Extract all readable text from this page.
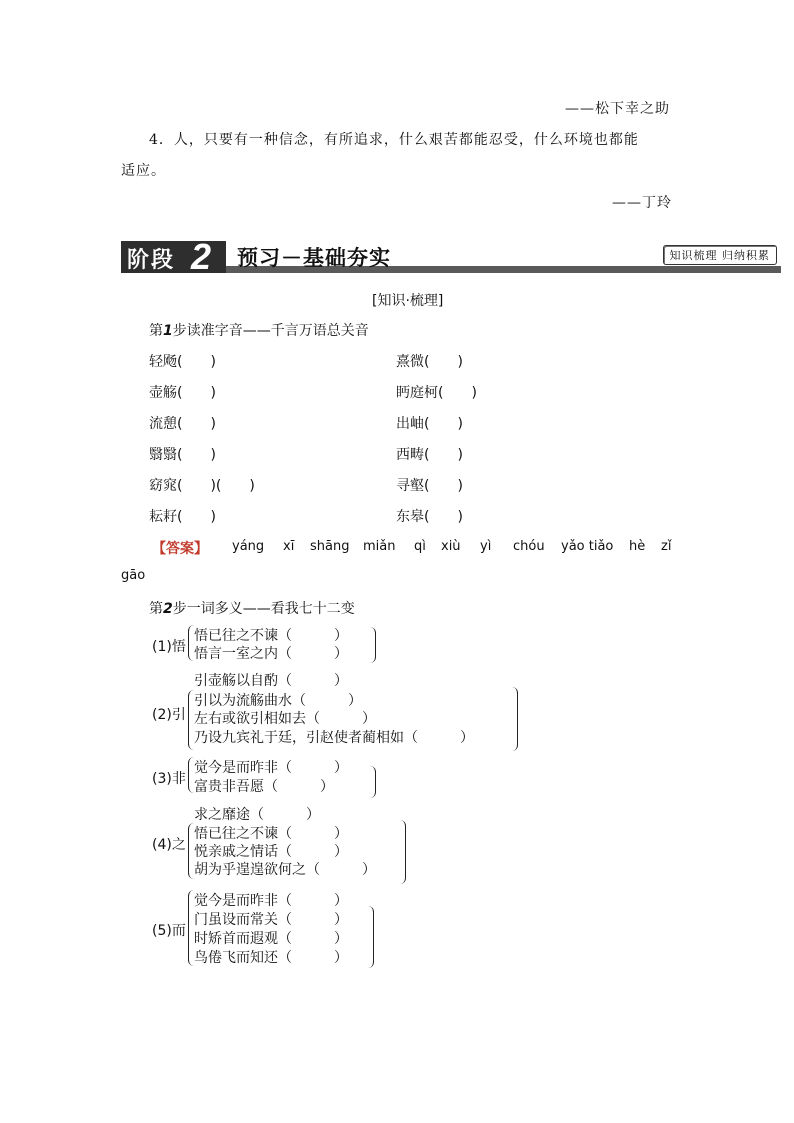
——松下幸之助
4．人，只要有一种信念，有所追求，什么艰苦都能忍受，什么环境也都能
适应。
——丁玲
阶段 2 预习－基础夯实	知识梳理 归纳积累
[知识·梳理]
第1步读准字音——千言万语总关音
轻飏(　　)
壶觞(　　)
流憩(　　)
翳翳(　　)
窈窕(　　)(　　)
耘耔(　　)
熹微(　　)
眄庭柯(　　)
出岫(　　)
西畴(　　)
寻壑(　　)
东皋(　　)
【答案】 yáng xī shāng miǎn qì xiù yì chóu yǎo tiǎo hè zǐ
gāo
第2步一词多义——看我七十二变
(1)悟
悟已往之不谏（　　　）
悟言一室之内（　　　）
(2)引
引壶觞以自酌（　　　）
引以为流觞曲水（　　　）
左右或欲引相如去（　　　）
乃设九宾礼于廷，引赵使者蔺相如（　　　）
(3)非
觉今是而昨非（　　　）
富贵非吾愿（　　　）
(4)之
求之靡途（　　　）
悟已往之不谏（　　　）
悦亲戚之情话（　　　）
胡为乎遑遑欲何之（　　　）
(5)而
觉今是而昨非（　　　）
门虽设而常关（　　　）
时矫首而遐观（　　　）
鸟倦飞而知还（　　　）
